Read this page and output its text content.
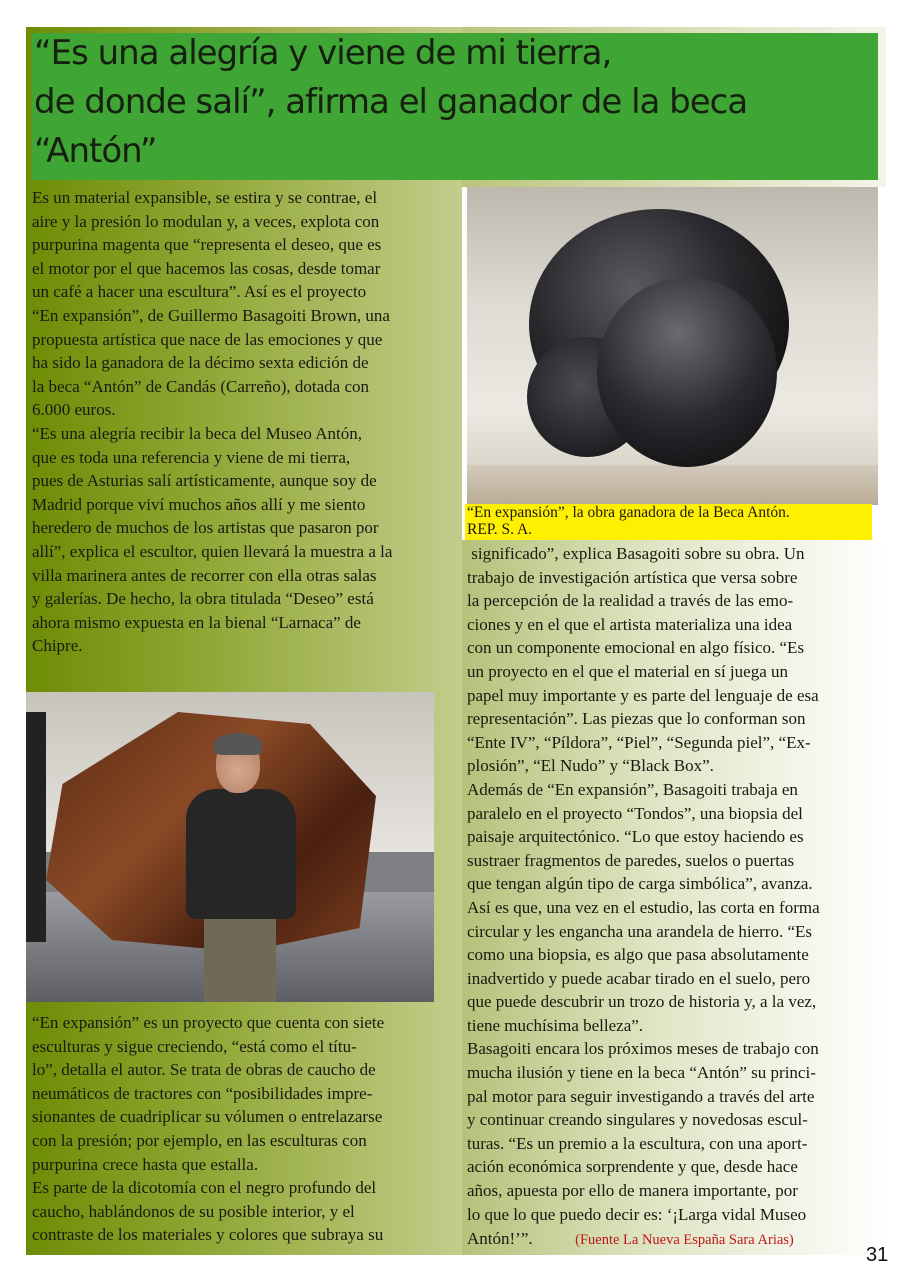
“Es una alegría y viene de mi tierra,
de donde salí”, afirma el ganador de la beca
“Antón”

Es un material expansible, se estira y se contrae, el
aire y la presión lo modulan y, a veces, explota con
purpurina magenta que “representa el deseo, que es
el motor por el que hacemos las cosas, desde tomar
un café a hacer una escultura”. Así es el proyecto
“En expansión”, de Guillermo Basagoiti Brown, una
propuesta artística que nace de las emociones y que
ha sido la ganadora de la décimo sexta edición de
la beca “Antón” de Candás (Carreño), dotada con
6.000 euros.
“Es una alegría recibir la beca del Museo Antón,
que es toda una referencia y viene de mi tierra,
pues de Asturias salí artísticamente, aunque soy de
Madrid porque viví muchos años allí y me siento
heredero de muchos de los artistas que pasaron por
allí”, explica el escultor, quien llevará la muestra a la
villa marinera antes de recorrer con ella otras salas
y galerías. De hecho, la obra titulada “Deseo” está
ahora mismo expuesta en la bienal “Larnaca” de
Chipre.

“En expansión”, la obra ganadora de la Beca Antón.
REP. S. A.

significado”, explica Basagoiti sobre su obra. Un
trabajo de investigación artística que versa sobre
la percepción de la realidad a través de las emo-
ciones y en el que el artista materializa una idea
con un componente emocional en algo físico. “Es
un proyecto en el que el material en sí juega un
papel muy importante y es parte del lenguaje de esa
representación”. Las piezas que lo conforman son
“Ente IV”, “Píldora”, “Piel”, “Segunda piel”, “Ex-
plosión”, “El Nudo” y “Black Box”.
Además de “En expansión”, Basagoiti trabaja en
paralelo en el proyecto “Tondos”, una biopsia del
paisaje arquitectónico. “Lo que estoy haciendo es
sustraer fragmentos de paredes, suelos o puertas
que tengan algún tipo de carga simbólica”, avanza.
Así es que, una vez en el estudio, las corta en forma
circular y les engancha una arandela de hierro. “Es
como una biopsia, es algo que pasa absolutamente
inadvertido y puede acabar tirado en el suelo, pero
que puede descubrir un trozo de historia y, a la vez,
tiene muchísima belleza”.
Basagoiti encara los próximos meses de trabajo con
mucha ilusión y tiene en la beca “Antón” su princi-
pal motor para seguir investigando a través del arte
y continuar creando singulares y novedosas escul-
turas. “Es un premio a la escultura, con una aport-
ación económica sorprendente y que, desde hace
años, apuesta por ello de manera importante, por
lo que lo que puedo decir es: ‘¡Larga vidal Museo

Antón!’”.	(Fuente La Nueva España Sara Arias)

“En expansión” es un proyecto que cuenta con siete
esculturas y sigue creciendo, “está como el títu-
lo”, detalla el autor. Se trata de obras de caucho de
neumáticos de tractores con “posibilidades impre-
sionantes de cuadriplicar su vólumen o entrelazarse
con la presión; por ejemplo, en las esculturas con
purpurina crece hasta que estalla.
Es parte de la dicotomía con el negro profundo del
caucho, hablándonos de su posible interior, y el
contraste de los materiales y colores que subraya su

31
